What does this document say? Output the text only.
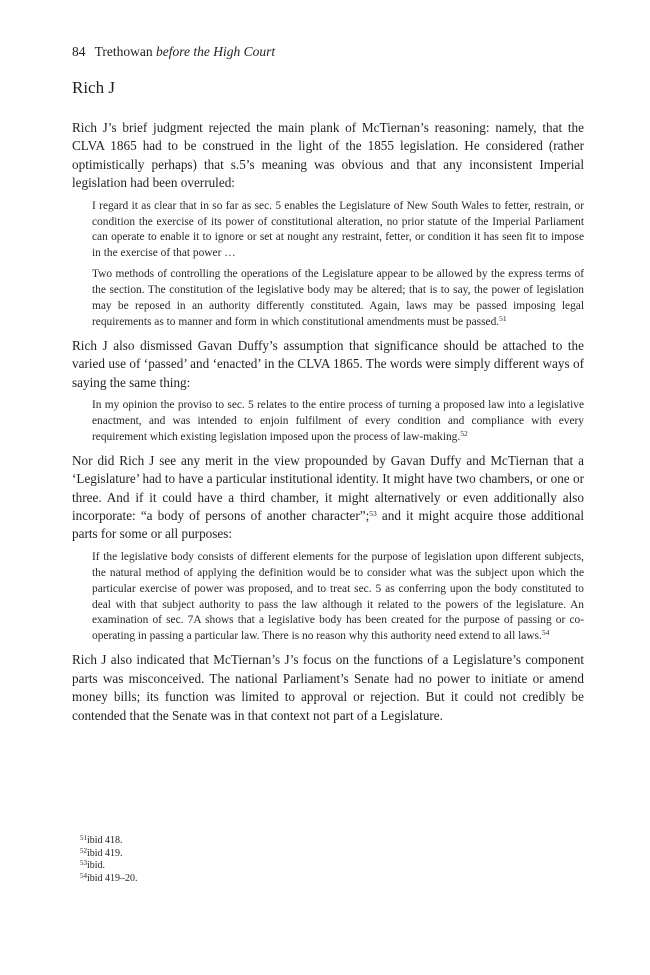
84 Trethowan before the High Court
Rich J

Rich J’s brief judgment rejected the main plank of McTiernan’s reasoning: namely, that the CLVA 1865 had to be construed in the light of the 1855 legislation. He considered (rather optimistically perhaps) that s.5’s meaning was obvious and that any inconsistent Imperial legislation had been overruled:

I regard it as clear that in so far as sec. 5 enables the Legislature of New South Wales to fetter, restrain, or condition the exercise of its power of constitutional alteration, no prior statute of the Imperial Parliament can operate to enable it to ignore or set at nought any restraint, fetter, or condition it has seen fit to impose in the exercise of that power …

Two methods of controlling the operations of the Legislature appear to be allowed by the express terms of the section. The constitution of the legislative body may be altered; that is to say, the power of legislation may be reposed in an authority differently constituted. Again, laws may be passed imposing legal requirements as to manner and form in which constitutional amendments must be passed.$^{51}$

Rich J also dismissed Gavan Duffy’s assumption that significance should be attached to the varied use of ‘passed’ and ‘enacted’ in the CLVA 1865. The words were simply different ways of saying the same thing:

In my opinion the proviso to sec. 5 relates to the entire process of turning a proposed law into a legislative enactment, and was intended to enjoin fulfilment of every condition and compliance with every requirement which existing legislation imposed upon the process of law-making.$^{52}$

Nor did Rich J see any merit in the view propounded by Gavan Duffy and McTiernan that a ‘Legislature’ had to have a particular institutional identity. It might have two chambers, or one or three. And if it could have a third chamber, it might alternatively or even additionally also incorporate: “a body of persons of another character”;$^{53}$ and it might acquire those additional parts for some or all purposes:

If the legislative body consists of different elements for the purpose of legislation upon different subjects, the natural method of applying the definition would be to consider what was the subject upon which the particular exercise of power was proposed, and to treat sec. 5 as conferring upon the body constituted to deal with that subject authority to pass the law although it related to the powers of the legislature. An examination of sec. 7A shows that a legislative body has been created for the purpose of passing or co-operating in passing a particular law. There is no reason why this authority need extend to all laws.$^{54}$

Rich J also indicated that McTiernan’s J’s focus on the functions of a Legislature’s component parts was misconceived. The national Parliament’s Senate had no power to initiate or amend money bills; its function was limited to approval or rejection. But it could not credibly be contended that the Senate was in that context not part of a Legislature.

$^{51}$ibid 418.
$^{52}$ibid 419.
$^{53}$ibid.
$^{54}$ibid 419–20.
